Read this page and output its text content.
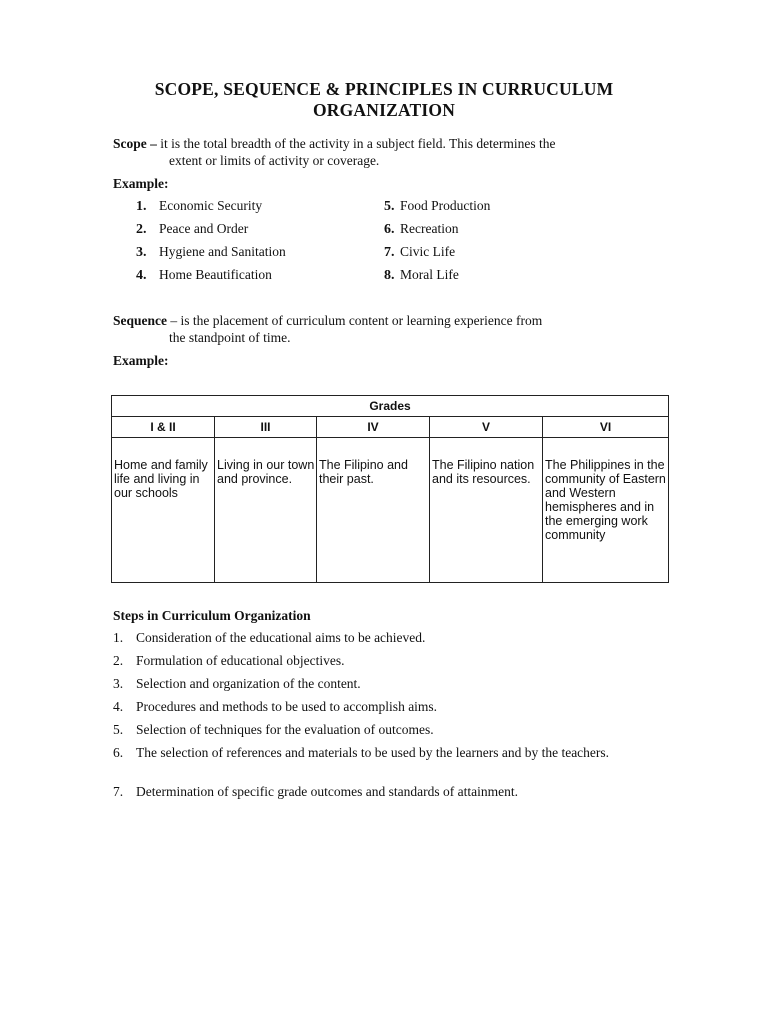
SCOPE, SEQUENCE & PRINCIPLES IN CURRUCULUM ORGANIZATION
Scope – it is the total breadth of the activity in a subject field. This determines the
extent or limits of activity or coverage.
Example:
1. Economic Security
2. Peace and Order
3. Hygiene and Sanitation
4. Home Beautification
5. Food Production
6. Recreation
7. Civic Life
8. Moral Life
Sequence – is the placement of curriculum content or learning experience from
the standpoint of time.
Example:
Grades				
I & II	III	IV	V	VI
Home and family life and living in our schools	Living in our town and province.	The Filipino and their past.	The Filipino nation and its resources.	The Philippines in the community of Eastern and Western hemispheres and in the emerging work community
Steps in Curriculum Organization
1. Consideration of the educational aims to be achieved.
2. Formulation of educational objectives.
3. Selection and organization of the content.
4. Procedures and methods to be used to accomplish aims.
5. Selection of techniques for the evaluation of outcomes.
6. The selection of references and materials to be used by the learners and by the teachers.
7. Determination of specific grade outcomes and standards of attainment.
